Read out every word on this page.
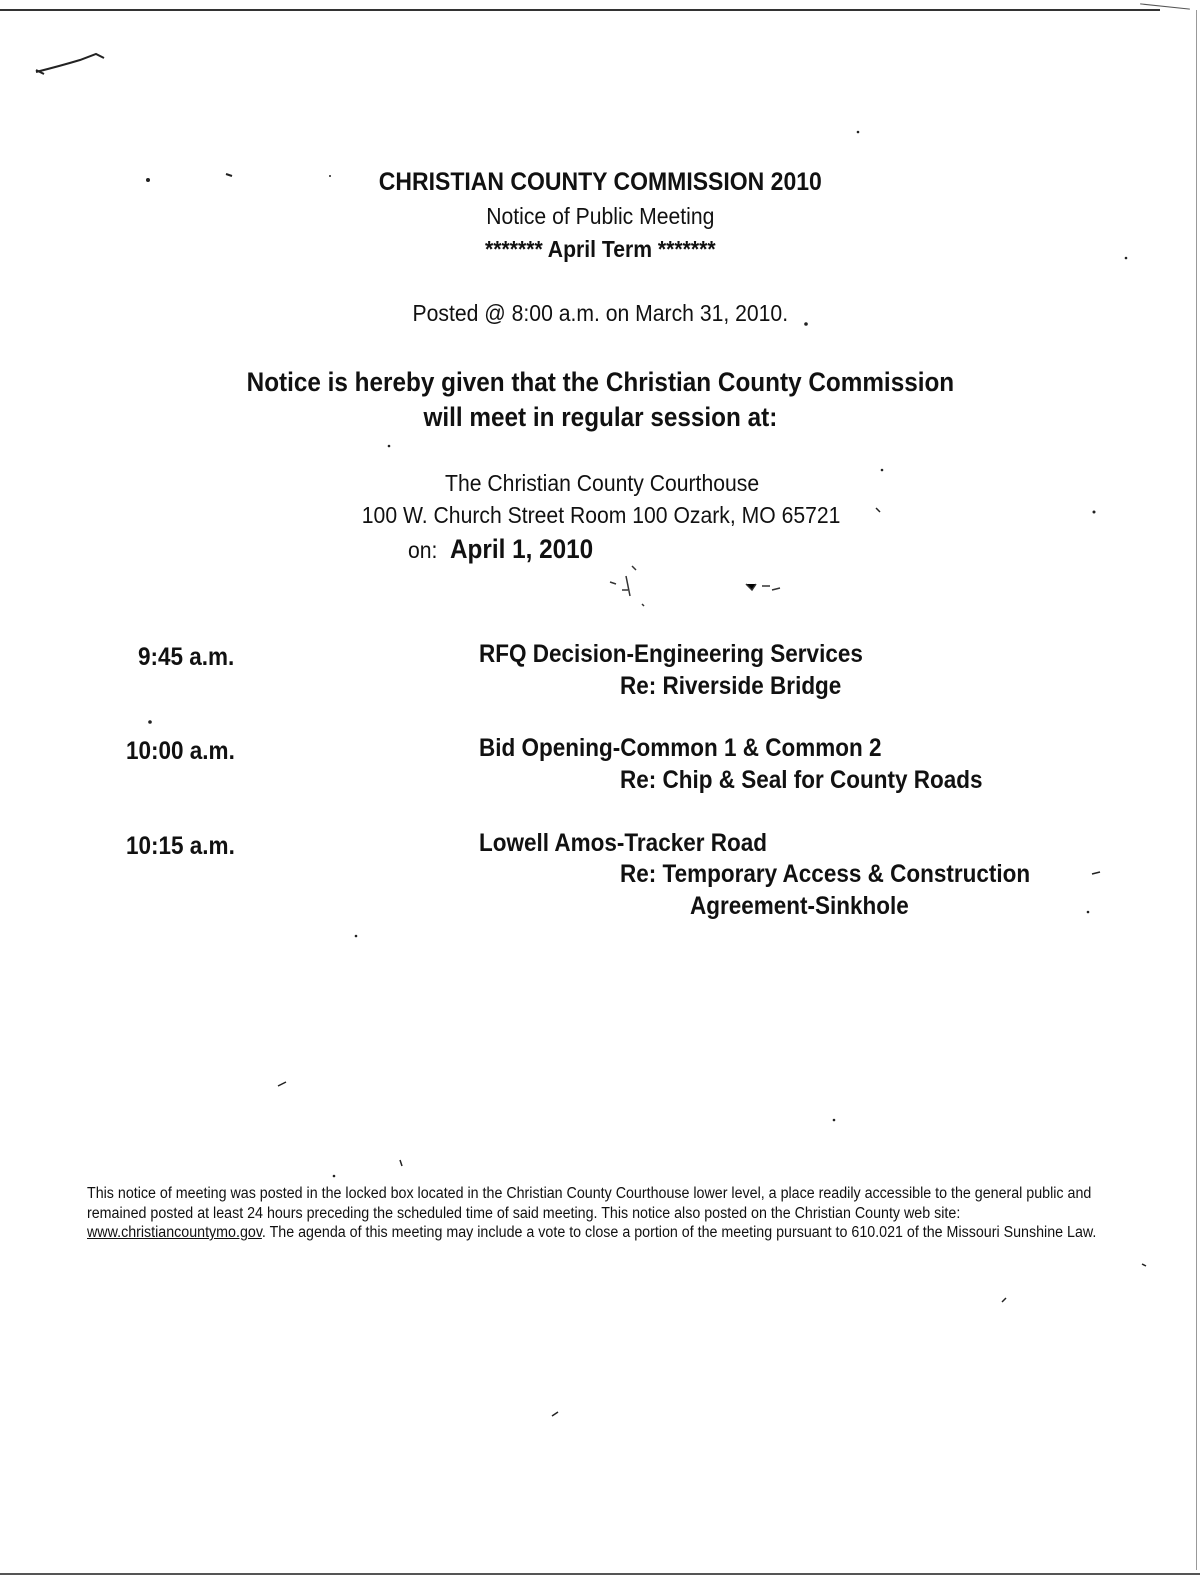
CHRISTIAN COUNTY COMMISSION 2010
Notice of Public Meeting
******* April Term *******
Posted @ 8:00 a.m. on March 31, 2010.
Notice is hereby given that the Christian County Commission
will meet in regular session at:
The Christian County Courthouse
100 W. Church Street Room 100 Ozark, MO 65721
on: April 1, 2010
9:45 a.m.	RFQ Decision-Engineering Services
Re: Riverside Bridge
10:00 a.m.	Bid Opening-Common 1 & Common 2
Re: Chip & Seal for County Roads
10:15 a.m.	Lowell Amos-Tracker Road
Re: Temporary Access & Construction
Agreement-Sinkhole

This notice of meeting was posted in the locked box located in the Christian County Courthouse lower level, a place readily accessible to the general public and remained posted at least 24 hours preceding the scheduled time of said meeting. This notice also posted on the Christian County web site: www.christiancountymo.gov. The agenda of this meeting may include a vote to close a portion of the meeting pursuant to 610.021 of the Missouri Sunshine Law.
